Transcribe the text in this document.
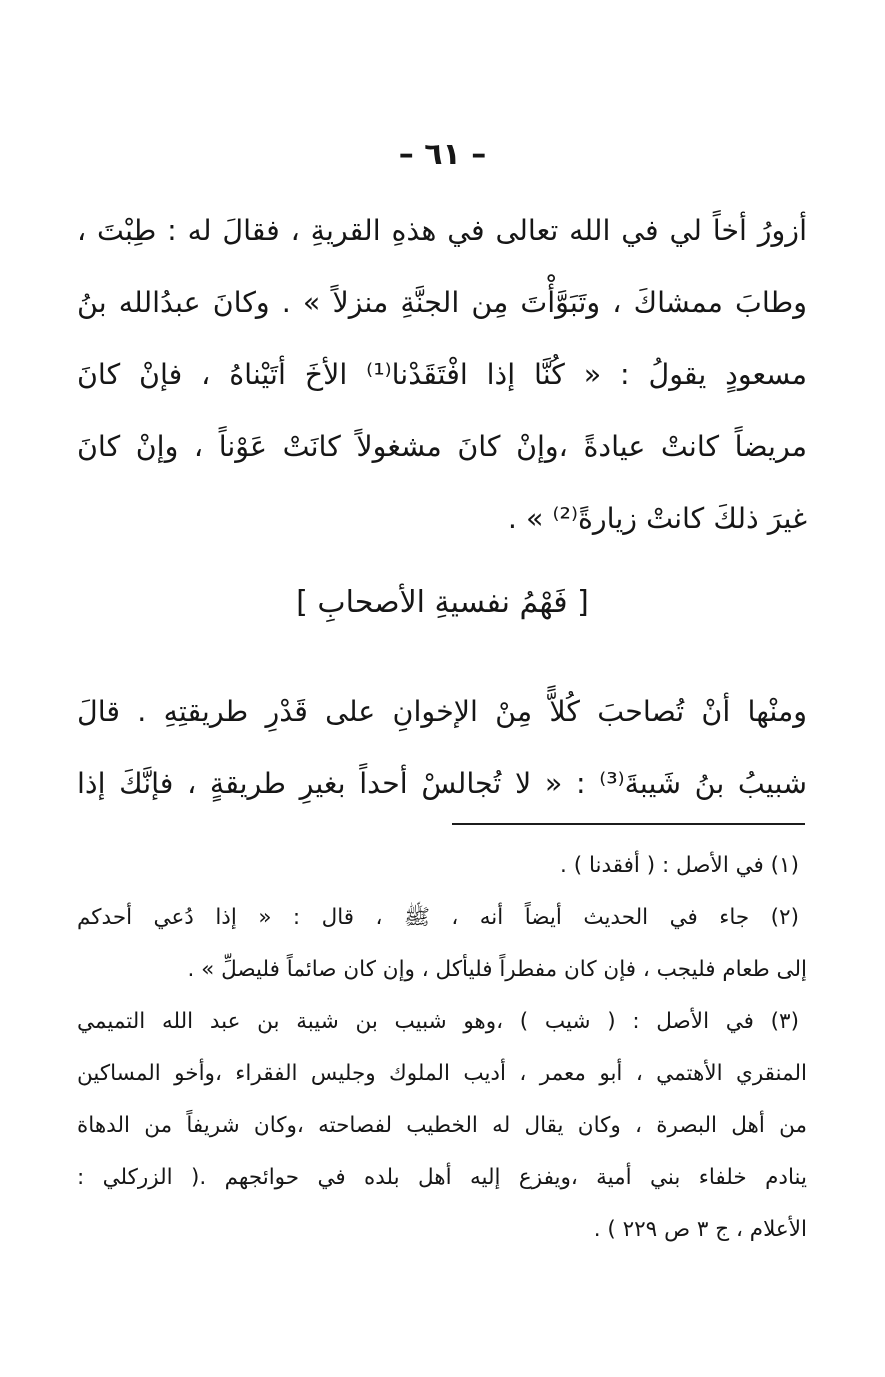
– ٦١ –
أزورُ أخاً لي في الله تعالى في هذهِ القريةِ ، فقالَ له : طِبْتَ ،
وطابَ ممشاكَ ، وتَبَوَّأْتَ مِن الجنَّةِ منزلاً » . وكانَ عبدُالله بنُ
مسعودٍ يقولُ : « كُنَّا إذا افْتَقَدْنا⁽¹⁾ الأخَ أتَيْناهُ ، فإنْ كانَ
مريضاً كانتْ عيادةً ،وإنْ كانَ مشغولاً كانَتْ عَوْناً ، وإنْ كانَ
غيرَ ذلكَ كانتْ زيارةً⁽²⁾ » .
[ فَهْمُ نفسيةِ الأصحابِ ]
ومنْها أنْ تُصاحبَ كُلاًّ مِنْ الإخوانِ على قَدْرِ طريقتِهِ . قالَ
شبيبُ بنُ شَيبةَ⁽³⁾ : « لا تُجالسْ أحداً بغيرِ طريقةٍ ، فإنَّكَ إذا
(١) في الأصل : ( أفقدنا ) .
(٢) جاء في الحديث أيضاً أنه ، ﷺ ، قال : « إذا دُعي أحدكم
إلى طعام فليجب ، فإن كان مفطراً فليأكل ، وإن كان صائماً فليصلِّ » .
(٣) في الأصل : ( شيب ) ،وهو شبيب بن شيبة بن عبد الله التميمي
المنقري الأهتمي ، أبو معمر ، أديب الملوك وجليس الفقراء ،وأخو المساكين
من أهل البصرة ، وكان يقال له الخطيب لفصاحته ،وكان شريفاً من الدهاة
ينادم خلفاء بني أمية ،ويفزع إليه أهل بلده في حوائجهم .( الزركلي :
الأعلام ، ج ٣ ص ٢٢٩ ) .
